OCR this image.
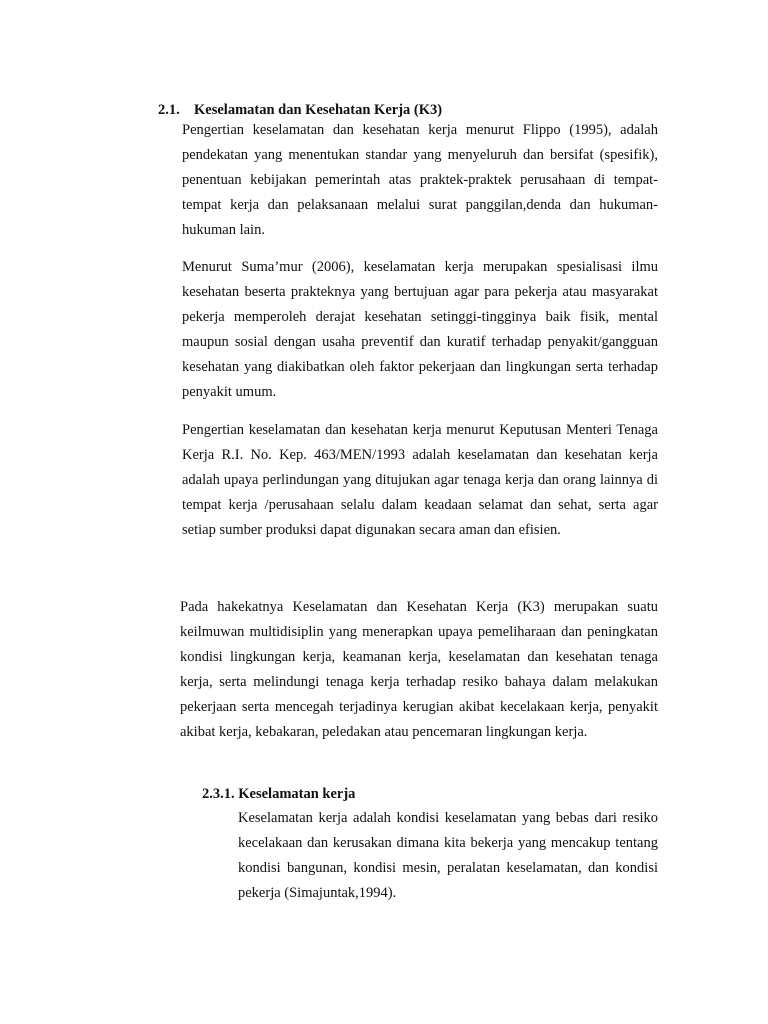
2.1. Keselamatan dan Kesehatan Kerja (K3)

Pengertian keselamatan dan kesehatan kerja menurut Flippo (1995), adalah pendekatan yang menentukan standar yang menyeluruh dan bersifat (spesifik), penentuan kebijakan pemerintah atas praktek-praktek perusahaan di tempat-tempat kerja dan pelaksanaan melalui surat panggilan,denda dan hukuman-hukuman lain.

Menurut Suma’mur (2006), keselamatan kerja merupakan spesialisasi ilmu kesehatan beserta prakteknya yang bertujuan agar para pekerja atau masyarakat pekerja memperoleh derajat kesehatan setinggi-tingginya baik fisik, mental maupun sosial dengan usaha preventif dan kuratif terhadap penyakit/gangguan kesehatan yang diakibatkan oleh faktor pekerjaan dan lingkungan serta terhadap penyakit umum.

Pengertian keselamatan dan kesehatan kerja menurut Keputusan Menteri Tenaga Kerja R.I. No. Kep. 463/MEN/1993 adalah keselamatan dan kesehatan kerja adalah upaya perlindungan yang ditujukan agar tenaga kerja dan orang lainnya di tempat kerja /perusahaan selalu dalam keadaan selamat dan sehat, serta agar setiap sumber produksi dapat digunakan secara aman dan efisien.

Pada hakekatnya Keselamatan dan Kesehatan Kerja (K3) merupakan suatu keilmuwan multidisiplin yang menerapkan upaya pemeliharaan dan peningkatan kondisi lingkungan kerja, keamanan kerja, keselamatan dan kesehatan tenaga kerja, serta melindungi tenaga kerja terhadap resiko bahaya dalam melakukan pekerjaan serta mencegah terjadinya kerugian akibat kecelakaan kerja, penyakit akibat kerja, kebakaran, peledakan atau pencemaran lingkungan kerja.

2.3.1. Keselamatan kerja

Keselamatan kerja adalah kondisi keselamatan yang bebas dari resiko kecelakaan dan kerusakan dimana kita bekerja yang mencakup tentang kondisi bangunan, kondisi mesin, peralatan keselamatan, dan kondisi pekerja (Simajuntak,1994).
